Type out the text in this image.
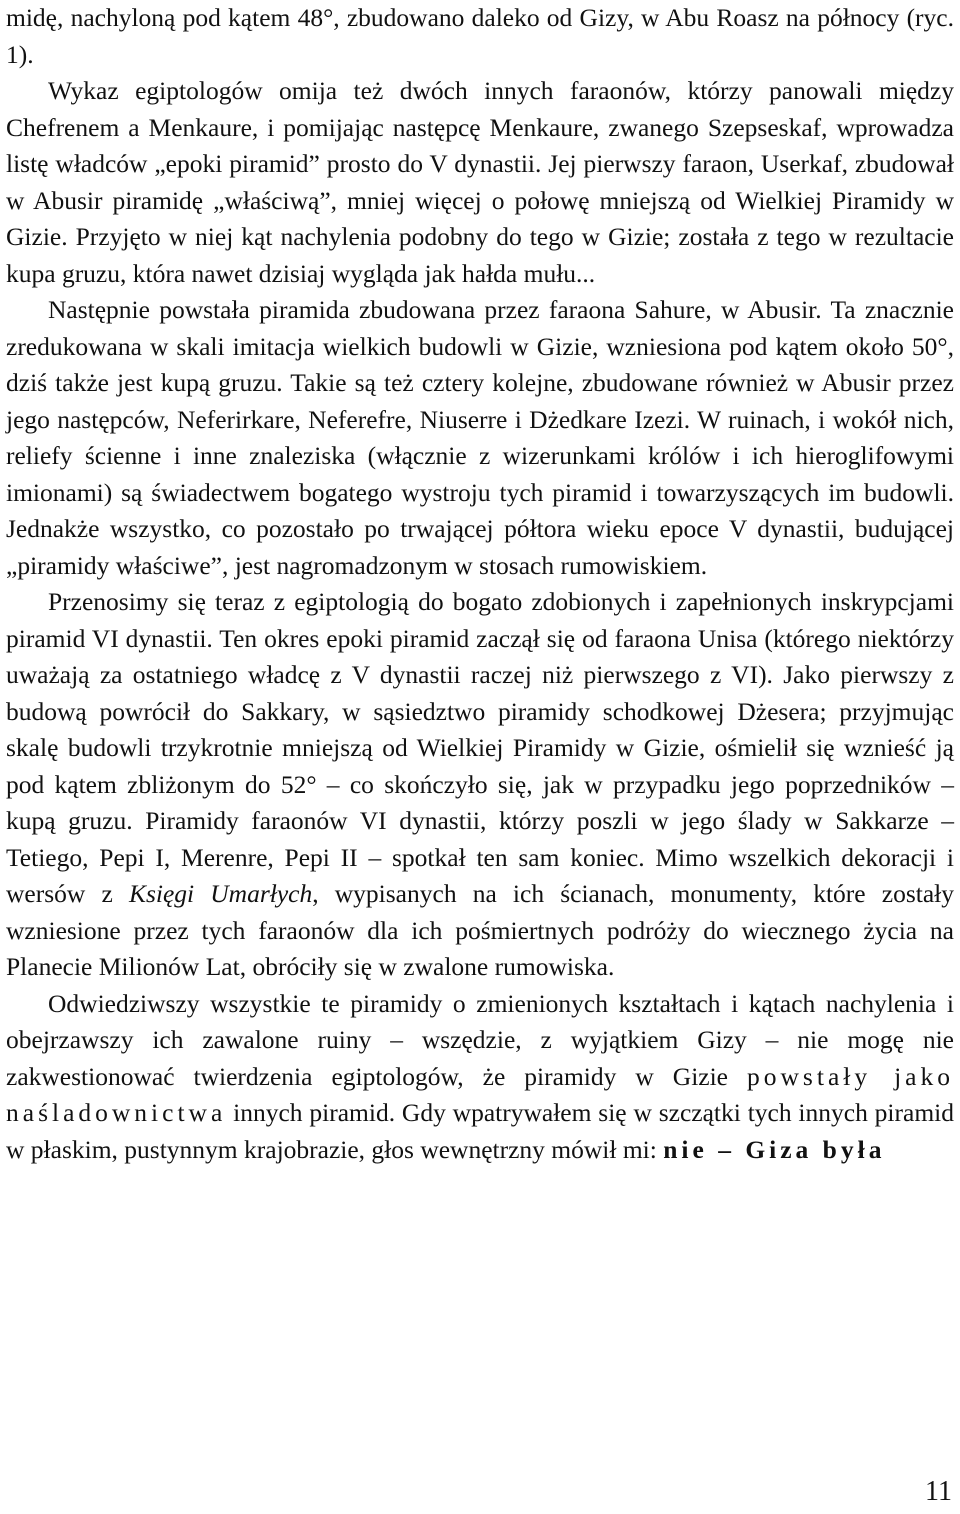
midę, nachyloną pod kątem 48°, zbudowano daleko od Gizy, w Abu Roasz na północy (ryc. 1).

Wykaz egiptologów omija też dwóch innych faraonów, którzy panowali między Chefrenem a Menkaure, i pomijając następcę Menkaure, zwanego Szepseskaf, wprowadza listę władców „epoki piramid” prosto do V dynastii. Jej pierwszy faraon, Userkaf, zbudował w Abusir piramidę „właściwą”, mniej więcej o połowę mniejszą od Wielkiej Piramidy w Gizie. Przyjęto w niej kąt nachylenia podobny do tego w Gizie; została z tego w rezultacie kupa gruzu, która nawet dzisiaj wygląda jak hałda mułu...

Następnie powstała piramida zbudowana przez faraona Sahure, w Abusir. Ta znacznie zredukowana w skali imitacja wielkich budowli w Gizie, wzniesiona pod kątem około 50°, dziś także jest kupą gruzu. Takie są też cztery kolejne, zbudowane również w Abusir przez jego następców, Neferirkare, Neferefre, Niuserre i Dżedkare Izezi. W ruinach, i wokół nich, reliefy ścienne i inne znaleziska (włącznie z wizerunkami królów i ich hieroglifowymi imionami) są świadectwem bogatego wystroju tych piramid i towarzyszących im budowli. Jednakże wszystko, co pozostało po trwającej półtora wieku epoce V dynastii, budującej „piramidy właściwe”, jest nagromadzonym w stosach rumowiskiem.

Przenosimy się teraz z egiptologią do bogato zdobionych i zapełnionych inskrypcjami piramid VI dynastii. Ten okres epoki piramid zaczął się od faraona Unisa (którego niektórzy uważają za ostatniego władcę z V dynastii raczej niż pierwszego z VI). Jako pierwszy z budową powrócił do Sakkary, w sąsiedztwo piramidy schodkowej Dżesera; przyjmując skalę budowli trzykrotnie mniejszą od Wielkiej Piramidy w Gizie, ośmielił się wznieść ją pod kątem zbliżonym do 52° – co skończyło się, jak w przypadku jego poprzedników – kupą gruzu. Piramidy faraonów VI dynastii, którzy poszli w jego ślady w Sakkarze – Tetiego, Pepi I, Merenre, Pepi II – spotkał ten sam koniec. Mimo wszelkich dekoracji i wersów z Księgi Umarłych, wypisanych na ich ścianach, monumenty, które zostały wzniesione przez tych faraonów dla ich pośmiertnych podróży do wiecznego życia na Planecie Milionów Lat, obróciły się w zwalone rumowiska.

Odwiedziwszy wszystkie te piramidy o zmienionych kształtach i kątach nachylenia i obejrzawszy ich zawalone ruiny – wszędzie, z wyjątkiem Gizy – nie mogę nie zakwestionować twierdzenia egiptologów, że piramidy w Gizie powstały jako naśladownictwa innych piramid. Gdy wpatrywałem się w szczątki tych innych piramid w płaskim, pustynnym krajobrazie, głos wewnętrzny mówił mi: nie – Giza była

11
